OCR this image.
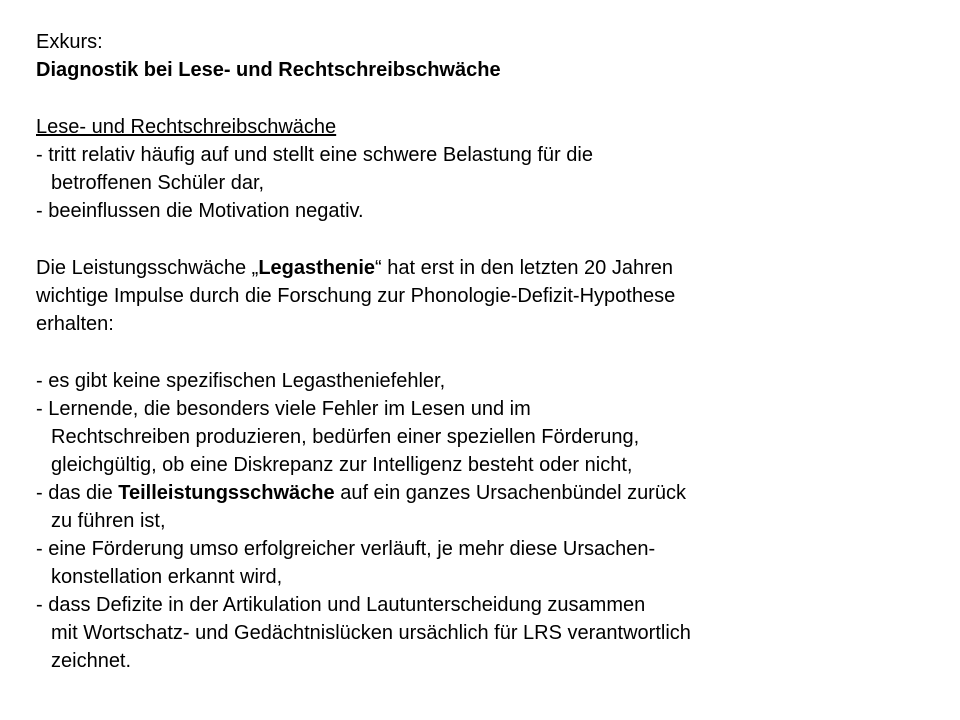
Exkurs:
Diagnostik bei Lese- und Rechtschreibschwäche
Lese- und Rechtschreibschwäche
- tritt relativ häufig auf und stellt eine schwere Belastung für die
betroffenen Schüler dar,
- beeinflussen die Motivation negativ.
Die Leistungsschwäche „Legasthenie“ hat erst in den letzten 20 Jahren
wichtige Impulse durch die Forschung zur Phonologie-Defizit-Hypothese
erhalten:
- es gibt keine spezifischen Legastheniefehler,
- Lernende, die besonders viele Fehler im Lesen und im
Rechtschreiben produzieren, bedürfen einer speziellen Förderung,
gleichgültig, ob eine Diskrepanz zur Intelligenz besteht oder nicht,
- das die Teilleistungsschwäche auf ein ganzes Ursachenbündel zurück
zu führen ist,
- eine Förderung umso erfolgreicher verläuft, je mehr diese Ursachen-
konstellation erkannt wird,
- dass Defizite in der Artikulation und Lautunterscheidung zusammen
mit Wortschatz- und Gedächtnislücken ursächlich für LRS verantwortlich
zeichnet.
